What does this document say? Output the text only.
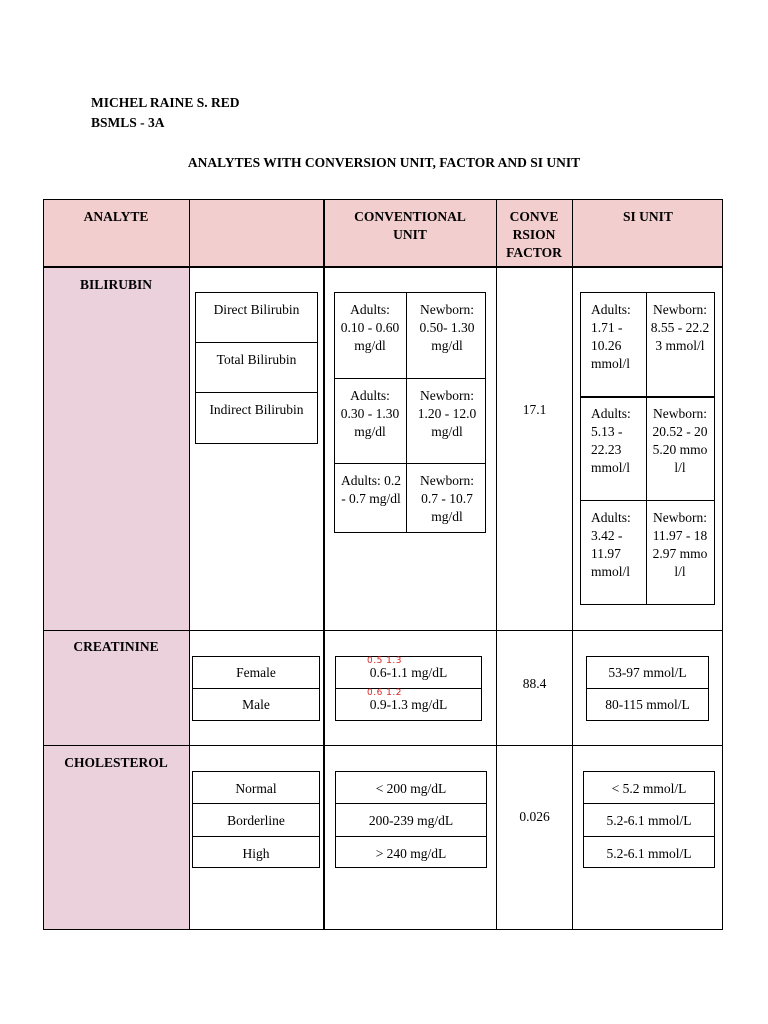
MICHEL RAINE S. RED
BSMLS - 3A
ANALYTES WITH CONVERSION UNIT, FACTOR AND SI UNIT
ANALYTE	CONVENTIONAL UNIT
CONVE
RSION
FACTOR
SI UNIT
BILIRUBIN
Direct Bilirubin
Total Bilirubin
Indirect Bilirubin
Adults: 0.10 - 0.60 mg/dl
Newborn: 0.50- 1.30 mg/dl
Adults: 0.30 - 1.30 mg/dl
Newborn: 1.20 - 12.0 mg/dl
Adults: 0.2 - 0.7 mg/dl
Newborn: 0.7 - 10.7 mg/dl
17.1
Adults: 1.71 - 10.26 mmol/l
Newborn: 8.55 - 22.23 mmol/l
Adults: 5.13 - 22.23 mmol/l
Newborn: 20.52 - 205.20 mmol/l
Adults: 3.42 - 11.97 mmol/l
Newborn: 11.97 - 182.97 mmol/l
CREATININE
Female
Male
0.6-1.1 mg/dL
0.9-1.3 mg/dL
0.5 1.3
0.6 1.2
88.4
53-97 mmol/L
80-115 mmol/L
CHOLESTEROL
Normal
Borderline
High
< 200 mg/dL
200-239 mg/dL
> 240 mg/dL
0.026
< 5.2 mmol/L
5.2-6.1 mmol/L
5.2-6.1 mmol/L
